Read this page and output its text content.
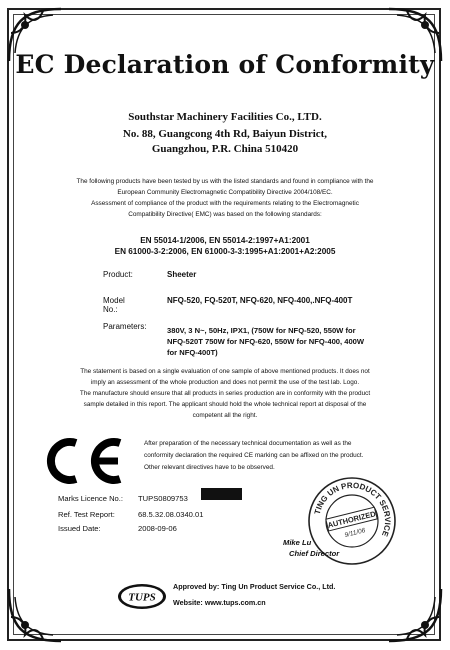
EC Declaration of Conformity
Southstar Machinery Facilities Co., LTD.
No. 88, Guangcong 4th Rd, Baiyun District,
Guangzhou, P.R. China 510420
The following products have been tested by us with the listed standards and found in compliance with the
European Community Electromagnetic Compatibility Directive 2004/108/EC.
Assessment of compliance of the product with the requirements relating to the Electromagnetic
Compatibility Directive( EMC) was based on the following standards:
EN 55014-1/2006, EN 55014-2:1997+A1:2001
EN 61000-3-2:2006, EN 61000-3-3:1995+A1:2001+A2:2005
Product:	Sheeter
Model No.:
NFQ-520, FQ-520T, NFQ-620, NFQ-400,.NFQ-400T
Parameters:	380V, 3 N~, 50Hz, IPX1, (750W for NFQ-520, 550W for
NFQ-520T 750W for NFQ-620, 550W for NFQ-400, 400W
for NFQ-400T)
The statement is based on a single evaluation of one sample of above mentioned products. It does not
imply an assessment of the whole production and does not permit the use of the test lab. Logo.
The manufacture should ensure that all products in series production are in conformity with the product
sample detailed in this report. The applicant should hold the whole technical report at disposal of the
competent all the right.
After preparation of the necessary technical documentation as well as the
conformity declaration the required CE marking can be affixed on the product.
Other relevant directives have to be observed.
Marks Licence No.: TUPS0809753
Ref. Test Report:	68.5.32.08.0340.01
Issued Date:	2008-09-06
TING UN PRODUCT SERVICE
AUTHORIZED
9/11/06
Mike Lu
Chief Director
TUPS
Approved by: Ting Un Product Service Co., Ltd.
Website: www.tups.com.cn
